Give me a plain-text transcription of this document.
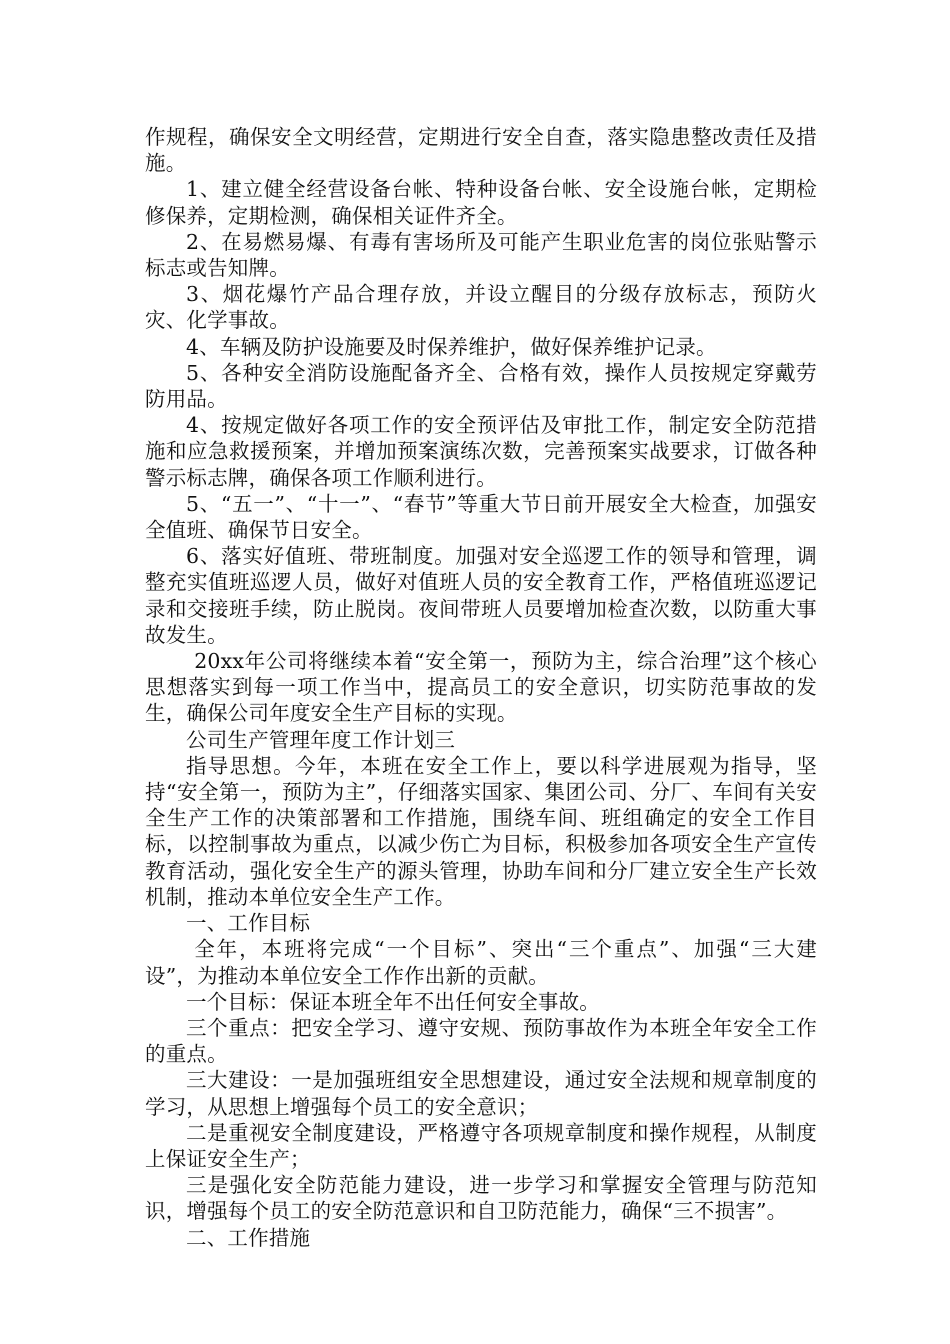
作规程，确保安全文明经营，定期进行安全自查，落实隐患整改责任及措施。

1、建立健全经营设备台帐、特种设备台帐、安全设施台帐，定期检修保养，定期检测，确保相关证件齐全。

2、在易燃易爆、有毒有害场所及可能产生职业危害的岗位张贴警示标志或告知牌。

3、烟花爆竹产品合理存放，并设立醒目的分级存放标志，预防火灾、化学事故。

4、车辆及防护设施要及时保养维护，做好保养维护记录。

5、各种安全消防设施配备齐全、合格有效，操作人员按规定穿戴劳防用品。

4、按规定做好各项工作的安全预评估及审批工作，制定安全防范措施和应急救援预案，并增加预案演练次数，完善预案实战要求，订做各种警示标志牌，确保各项工作顺利进行。

5、“五一”、“十一”、“春节”等重大节日前开展安全大检查，加强安全值班、确保节日安全。

6、落实好值班、带班制度。加强对安全巡逻工作的领导和管理，调整充实值班巡逻人员，做好对值班人员的安全教育工作，严格值班巡逻记录和交接班手续，防止脱岗。夜间带班人员要增加检查次数，以防重大事故发生。

20xx年公司将继续本着“安全第一，预防为主，综合治理”这个核心思想落实到每一项工作当中，提高员工的安全意识，切实防范事故的发生，确保公司年度安全生产目标的实现。

公司生产管理年度工作计划三

指导思想。今年，本班在安全工作上，要以科学进展观为指导，坚持“安全第一，预防为主”，仔细落实国家、集团公司、分厂、车间有关安全生产工作的决策部署和工作措施，围绕车间、班组确定的安全工作目标，以控制事故为重点，以减少伤亡为目标，积极参加各项安全生产宣传教育活动，强化安全生产的源头管理，协助车间和分厂建立安全生产长效机制，推动本单位安全生产工作。

一、工作目标

全年，本班将完成“一个目标”、突出“三个重点”、加强“三大建设”，为推动本单位安全工作作出新的贡献。

一个目标：保证本班全年不出任何安全事故。

三个重点：把安全学习、遵守安规、预防事故作为本班全年安全工作的重点。

三大建设：一是加强班组安全思想建设，通过安全法规和规章制度的学习，从思想上增强每个员工的安全意识；

二是重视安全制度建设，严格遵守各项规章制度和操作规程，从制度上保证安全生产；

三是强化安全防范能力建设，进一步学习和掌握安全管理与防范知识，增强每个员工的安全防范意识和自卫防范能力，确保“三不损害”。

二、工作措施
